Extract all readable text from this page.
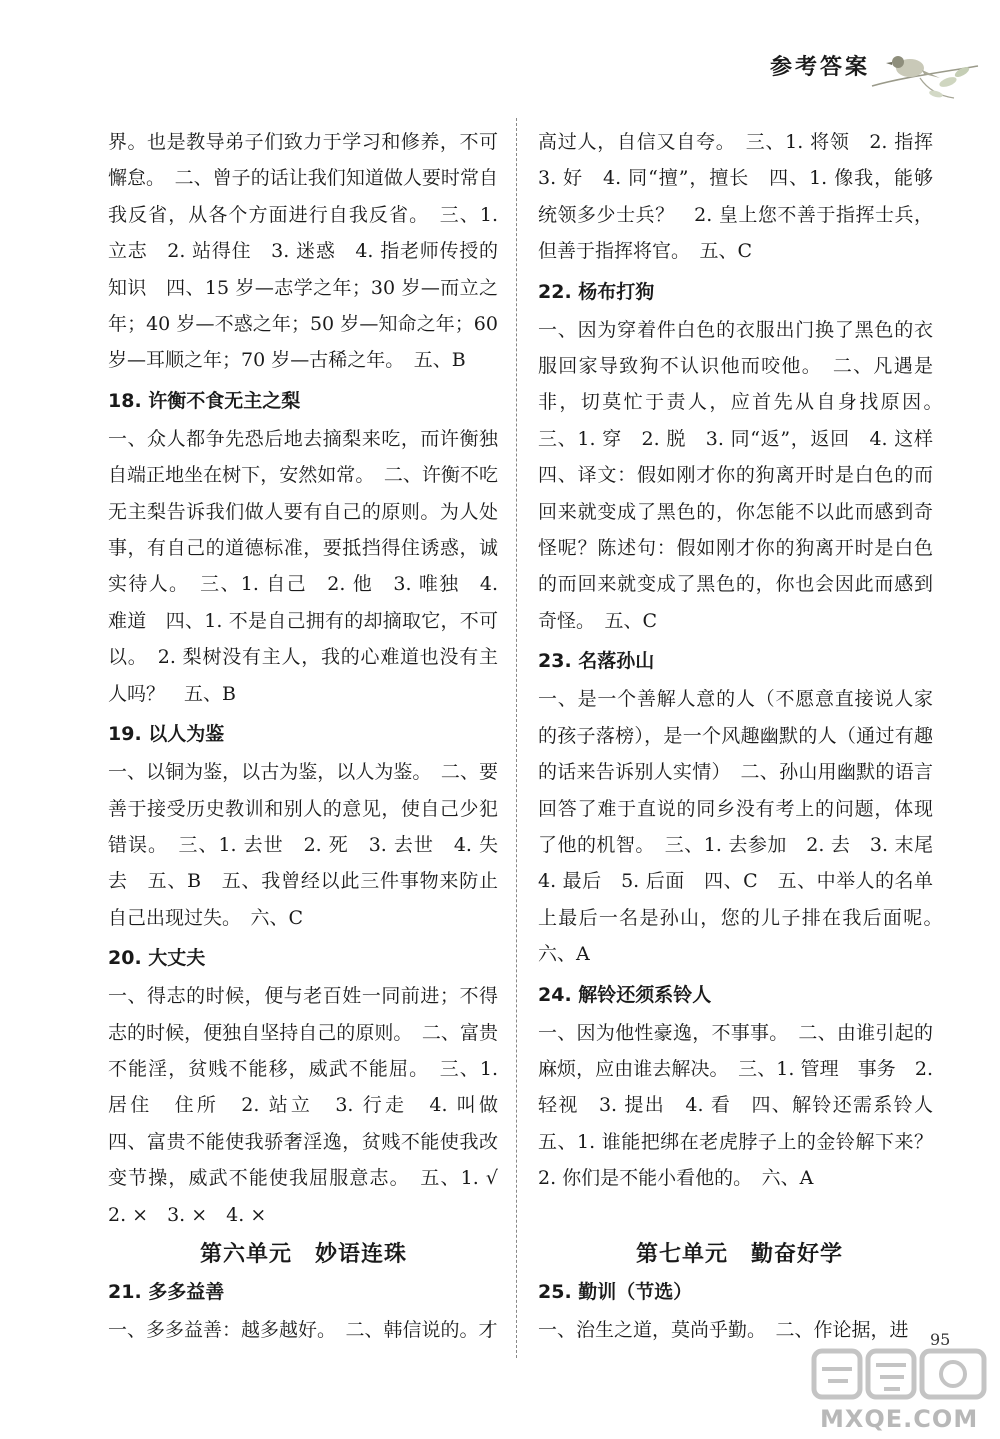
参考答案

界。也是教导弟子们致力于学习和修养，不可懈怠。　二、曾子的话让我们知道做人要时常自我反省，从各个方面进行自我反省。　三、1. 立志　2. 站得住　3. 迷惑　4. 指老师传授的知识　四、15 岁—志学之年；30 岁—而立之年；40 岁—不惑之年；50 岁—知命之年；60 岁—耳顺之年；70 岁—古稀之年。　五、B

18. 许衡不食无主之梨

一、众人都争先恐后地去摘梨来吃，而许衡独自端正地坐在树下，安然如常。　二、许衡不吃无主梨告诉我们做人要有自己的原则。为人处事，有自己的道德标准，要抵挡得住诱惑，诚实待人。　三、1. 自己　2. 他　3. 唯独　4. 难道　四、1. 不是自己拥有的却摘取它，不可以。　2. 梨树没有主人，我的心难道也没有主人吗？　五、B

19. 以人为鉴

一、以铜为鉴，以古为鉴，以人为鉴。　二、要善于接受历史教训和别人的意见，使自己少犯错误。　三、1. 去世　2. 死　3. 去世　4. 失去　五、B　五、我曾经以此三件事物来防止自己出现过失。　六、C

20. 大丈夫

一、得志的时候，便与老百姓一同前进；不得志的时候，便独自坚持自己的原则。　二、富贵不能淫，贫贱不能移，威武不能屈。　三、1. 居住　住所　2. 站立　3. 行走　4. 叫做　四、富贵不能使我骄奢淫逸，贫贱不能使我改变节操，威武不能使我屈服意志。　五、1. √　2. ×　3. ×　4. ×

第六单元　妙语连珠
21. 多多益善

一、多多益善：越多越好。　二、韩信说的。才

高过人，自信又自夸。　三、1. 将领　2. 指挥　3. 好　4. 同“擅”，擅长　四、1. 像我，能够统领多少士兵？　2. 皇上您不善于指挥士兵，但善于指挥将官。　五、C

22. 杨布打狗

一、因为穿着件白色的衣服出门换了黑色的衣服回家导致狗不认识他而咬他。　二、凡遇是非，切莫忙于责人，应首先从自身找原因。　三、1. 穿　2. 脱　3. 同“返”，返回　4. 这样　四、译文：假如刚才你的狗离开时是白色的而回来就变成了黑色的，你怎能不以此而感到奇怪呢？陈述句：假如刚才你的狗离开时是白色的而回来就变成了黑色的，你也会因此而感到奇怪。　五、C

23. 名落孙山

一、是一个善解人意的人（不愿意直接说人家的孩子落榜），是一个风趣幽默的人（通过有趣的话来告诉别人实情）　二、孙山用幽默的语言回答了难于直说的同乡没有考上的问题，体现了他的机智。　三、1. 去参加　2. 去　3. 末尾　4. 最后　5. 后面　四、C　五、中举人的名单上最后一名是孙山，您的儿子排在我后面呢。　六、A

24. 解铃还须系铃人

一、因为他性豪逸，不事事。　二、由谁引起的麻烦，应由谁去解决。　三、1. 管理　事务　2. 轻视　3. 提出　4. 看　四、解铃还需系铃人　五、1. 谁能把绑在老虎脖子上的金铃解下来？2. 你们是不能小看他的。　六、A

第七单元　勤奋好学
25. 勤训（节选）

一、治生之道，莫尚乎勤。　二、作论据，进	95
MXQE.COM
